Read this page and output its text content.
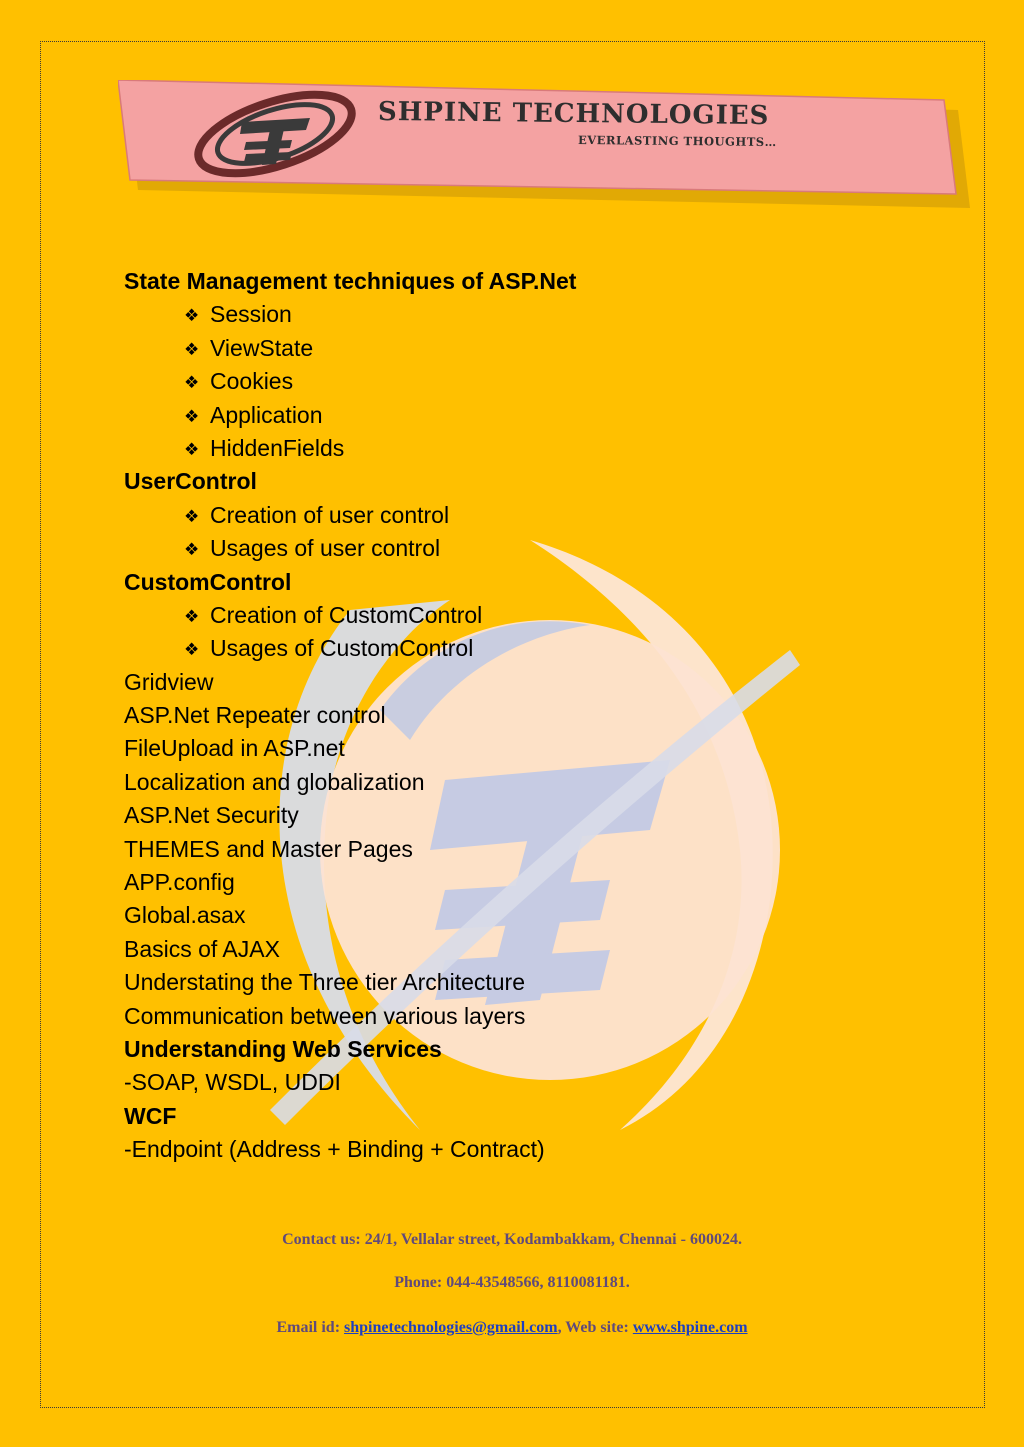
SHPINE TECHNOLOGIES
EVERLASTING THOUGHTS…
State Management techniques of ASP.Net
❖ Session
❖ ViewState
❖ Cookies
❖ Application
❖ HiddenFields
UserControl
❖ Creation of user control
❖ Usages of user control
CustomControl
❖ Creation of CustomControl
❖ Usages of CustomControl
Gridview
ASP.Net Repeater control
FileUpload in ASP.net
Localization and globalization
ASP.Net Security
THEMES and Master Pages
APP.config
Global.asax
Basics of AJAX
Understating the Three tier Architecture
Communication between various layers
Understanding Web Services
-SOAP, WSDL, UDDI
WCF
-Endpoint (Address + Binding + Contract)
Contact us: 24/1, Vellalar street, Kodambakkam, Chennai - 600024.
Phone: 044-43548566, 8110081181.
Email id: shpinetechnologies@gmail.com, Web site: www.shpine.com
